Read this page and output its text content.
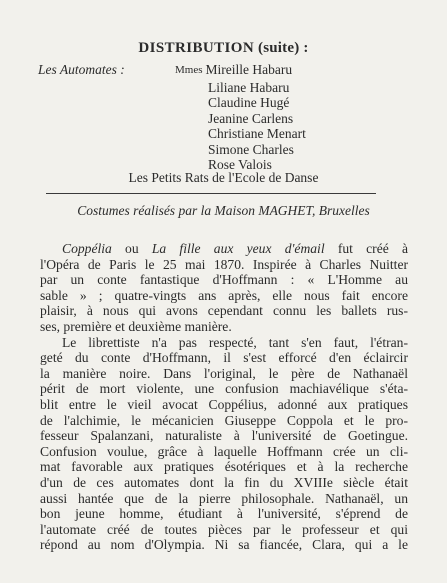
DISTRIBUTION (suite) :
Les Automates :	Mmes Mireille Habaru
Liliane Habaru
Claudine Hugé
Jeanine Carlens
Christiane Menart
Simone Charles
Rose Valois
Les Petits Rats de l'Ecole de Danse
Costumes réalisés par la Maison MAGHET, Bruxelles

Coppélia ou La fille aux yeux d'émail fut créé à

l'Opéra de Paris le 25 mai 1870. Inspirée à Charles Nuitter
par un conte fantastique d'Hoffmann : « L'Homme au
sable » ; quatre-vingts ans après, elle nous fait encore
plaisir, à nous qui avons cependant connu les ballets rus-
ses, première et deuxième manière.
Le librettiste n'a pas respecté, tant s'en faut, l'étran-
geté du conte d'Hoffmann, il s'est efforcé d'en éclaircir
la manière noire. Dans l'original, le père de Nathanaël
périt de mort violente, une confusion machiavélique s'éta-
blit entre le vieil avocat Coppélius, adonné aux pratiques
de l'alchimie, le mécanicien Giuseppe Coppola et le pro-
fesseur Spalanzani, naturaliste à l'université de Goetingue.
Confusion voulue, grâce à laquelle Hoffmann crée un cli-
mat favorable aux pratiques ésotériques et à la recherche
d'un de ces automates dont la fin du XVIIIe siècle était
aussi hantée que de la pierre philosophale. Nathanaël, un
bon jeune homme, étudiant à l'université, s'éprend de
l'automate créé de toutes pièces par le professeur et qui
répond au nom d'Olympia. Ni sa fiancée, Clara, qui a le
